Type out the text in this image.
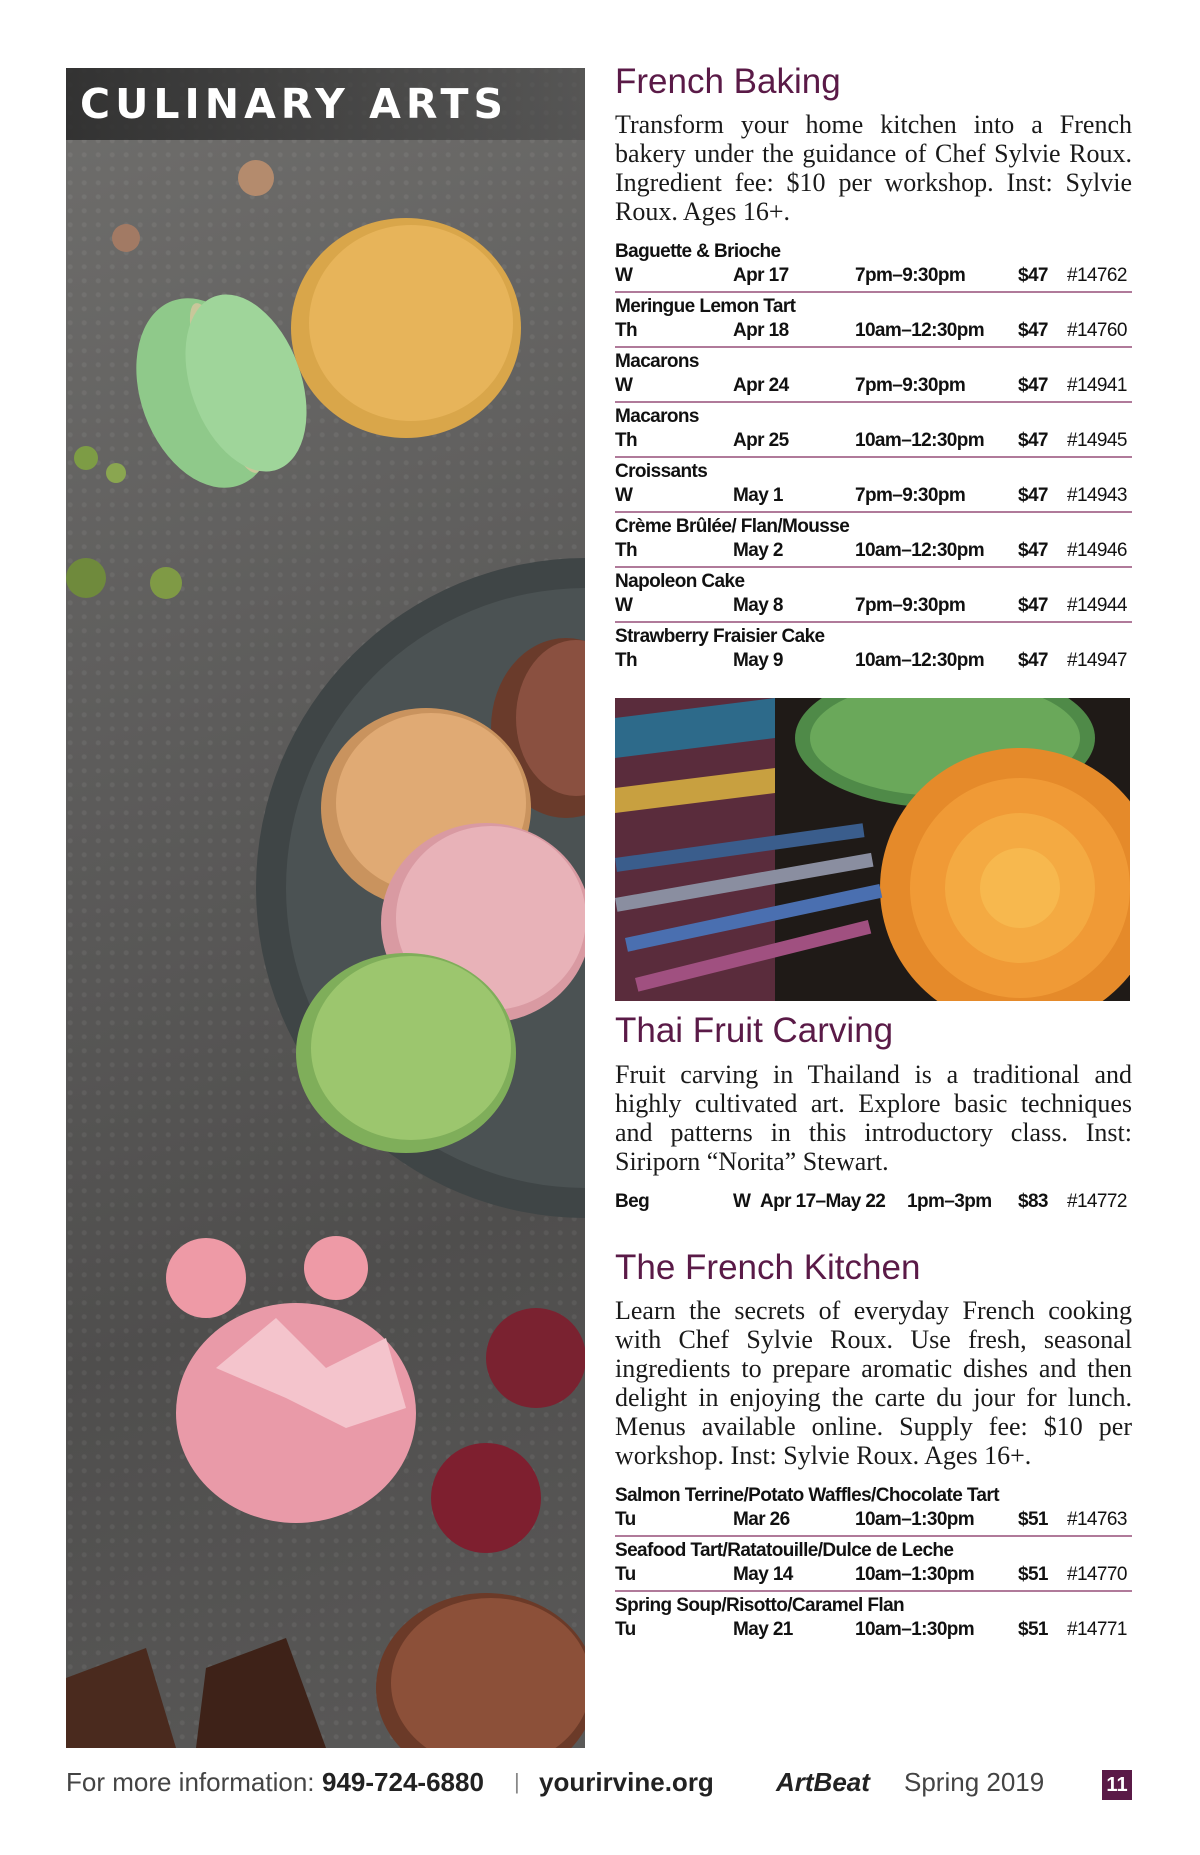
CULINARY ARTS	French Baking

Transform your home kitchen into a French bakery under the guidance of Chef Sylvie Roux. Ingredient fee: $10 per workshop. Inst: Sylvie Roux. Ages 16+.

Baguette & Brioche
W	Apr 17	7pm–9:30pm	$47 #14762
Meringue Lemon Tart
Th	Apr 18	10am–12:30pm $47 #14760
Macarons
W	Apr 24	7pm–9:30pm	$47 #14941
Macarons
Th	Apr 25	10am–12:30pm $47 #14945
Croissants
W	May 1	7pm–9:30pm	$47 #14943
Crème Brûlée/ Flan/Mousse
Th	May 2	10am–12:30pm $47 #14946
Napoleon Cake
W	May 8	7pm–9:30pm	$47 #14944
Strawberry Fraisier Cake
Th	May 9	10am–12:30pm $47 #14947
Thai Fruit Carving

Fruit carving in Thailand is a traditional and highly cultivated art. Explore basic techniques and patterns in this introductory class. Inst: Siriporn “Norita” Stewart.

Beg	W Apr 17–May 22 1pm–3pm $83 #14772
The French Kitchen

Learn the secrets of everyday French cooking with Chef Sylvie Roux. Use fresh, seasonal ingredients to prepare aromatic dishes and then delight in enjoying the carte du jour for lunch. Menus available online. Supply fee: $10 per workshop. Inst: Sylvie Roux. Ages 16+.

Salmon Terrine/Potato Waffles/Chocolate Tart
Tu	Mar 26	10am–1:30pm $51 #14763
Seafood Tart/Ratatouille/Dulce de Leche
Tu	May 14	10am–1:30pm $51 #14770
Spring Soup/Risotto/Caramel Flan
Tu	May 21	10am–1:30pm $51 #14771
For more information: 949-724-6880 | yourirvine.org ArtBeat Spring 2019	11
